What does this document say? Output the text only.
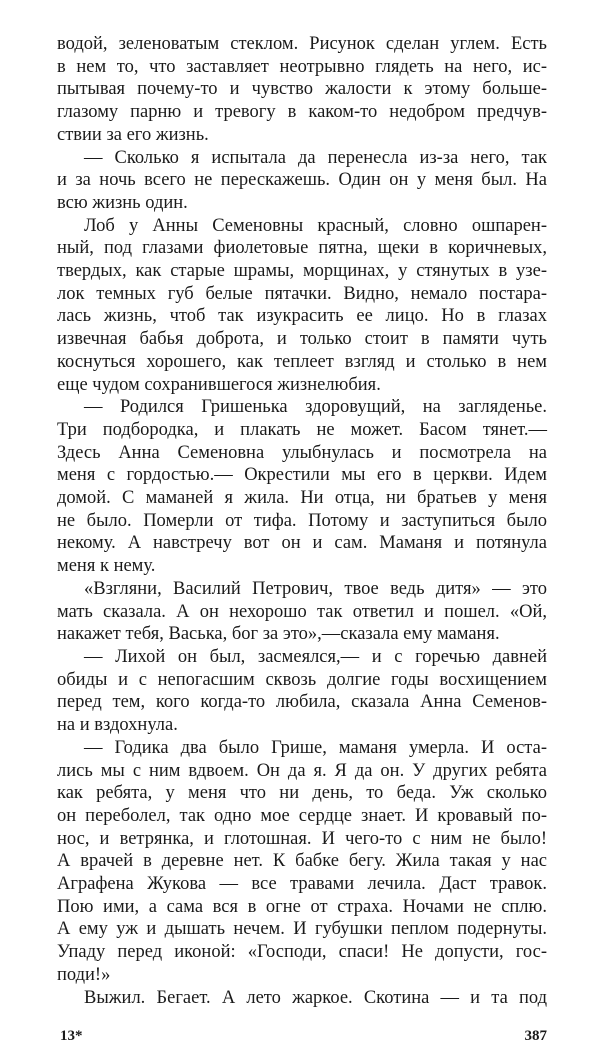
водой, зеленоватым стеклом. Рисунок сделан углем. Есть
в нем то, что заставляет неотрывно глядеть на него, ис-
пытывая почему-то и чувство жалости к этому больше-
глазому парню и тревогу в каком-то недобром предчув-
ствии за его жизнь.
— Сколько я испытала да перенесла из-за него, так
и за ночь всего не перескажешь. Один он у меня был. На
всю жизнь один.
Лоб у Анны Семеновны красный, словно ошпарен-
ный, под глазами фиолетовые пятна, щеки в коричневых,
твердых, как старые шрамы, морщинах, у стянутых в узе-
лок темных губ белые пятачки. Видно, немало постара-
лась жизнь, чтоб так изукрасить ее лицо. Но в глазах
извечная бабья доброта, и только стоит в памяти чуть
коснуться хорошего, как теплеет взгляд и столько в нем
еще чудом сохранившегося жизнелюбия.
— Родился Гришенька здоровущий, на загляденье.
Три подбородка, и плакать не может. Басом тянет.—
Здесь Анна Семеновна улыбнулась и посмотрела на
меня с гордостью.— Окрестили мы его в церкви. Идем
домой. С маманей я жила. Ни отца, ни братьев у меня
не было. Померли от тифа. Потому и заступиться было
некому. А навстречу вот он и сам. Маманя и потянула
меня к нему.
«Взгляни, Василий Петрович, твое ведь дитя» — это
мать сказала. А он нехорошо так ответил и пошел. «Ой,
накажет тебя, Васька, бог за это»,—сказала ему маманя.
— Лихой он был, засмеялся,— и с горечью давней
обиды и с непогасшим сквозь долгие годы восхищением
перед тем, кого когда-то любила, сказала Анна Семенов-
на и вздохнула.
— Годика два было Грише, маманя умерла. И оста-
лись мы с ним вдвоем. Он да я. Я да он. У других ребята
как ребята, у меня что ни день, то беда. Уж сколько
он переболел, так одно мое сердце знает. И кровавый по-
нос, и ветрянка, и глотошная. И чего-то с ним не было!
А врачей в деревне нет. К бабке бегу. Жила такая у нас
Аграфена Жукова — все травами лечила. Даст травок.
Пою ими, а сама вся в огне от страха. Ночами не сплю.
А ему уж и дышать нечем. И губушки пеплом подернуты.
Упаду перед иконой: «Господи, спаси! Не допусти, гос-
поди!»
Выжил. Бегает. А лето жаркое. Скотина — и та под
13*	387
